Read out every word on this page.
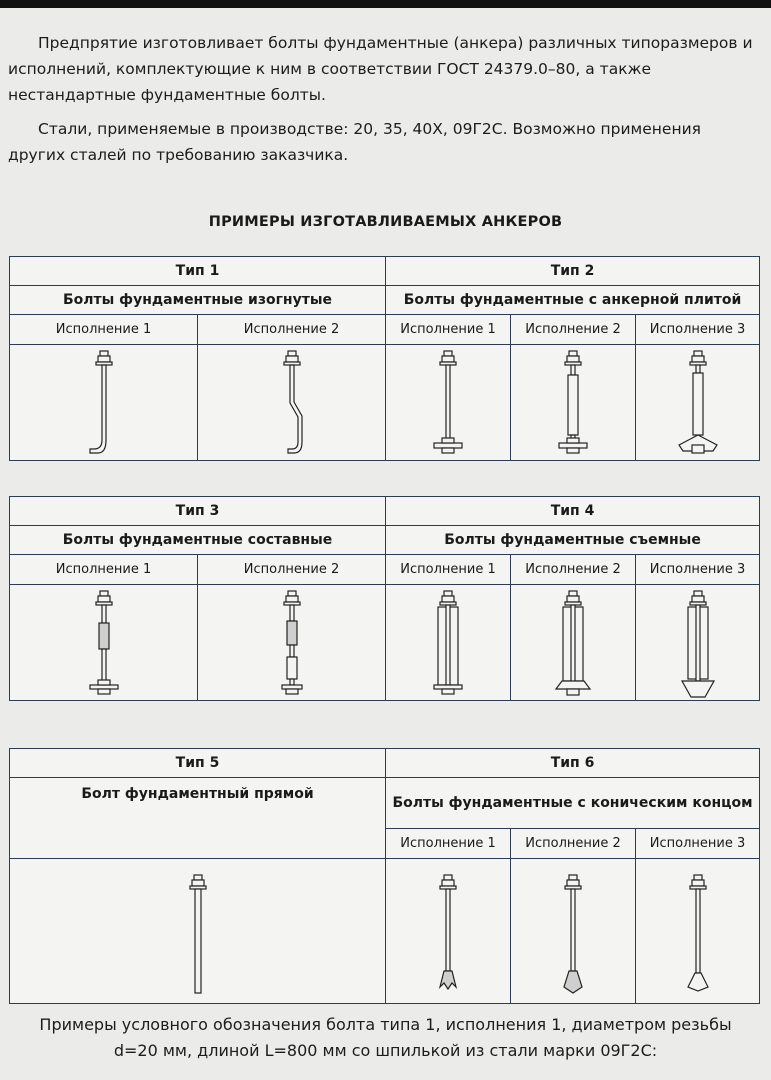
Предпрятие изготовливает болты фундаментные (анкера) различных типоразмеров и исполнений, комплектующие к ним в соответствии ГОСТ 24379.0–80, а также нестандартные фундаментные болты.
Стали, применяемые в производстве: 20, 35, 40Х, 09Г2С. Возможно применения других сталей по требованию заказчика.
ПРИМЕРЫ ИЗГОТАВЛИВАЕМЫХ АНКЕРОВ
Тип 1		Тип 2		
Болты фундаментные изогнутые		Болты фундаментные с анкерной плитой		
Исполнение 1	Исполнение 2	Исполнение 1	Исполнение 2	Исполнение 3

Тип 3		Тип 4		
Болты фундаментные составные		Болты фундаментные съемные		
Исполнение 1	Исполнение 2	Исполнение 1	Исполнение 2	Исполнение 3

Тип 5	Тип 6		
Болт фундаментный прямой	Болты фундаментные с коническим концом		
	Исполнение 1	Исполнение 2	Исполнение 3

Примеры условного обозначения болта типа 1, исполнения 1, диаметром резьбы
d=20 мм, длиной L=800 мм со шпилькой из стали марки 09Г2С:
